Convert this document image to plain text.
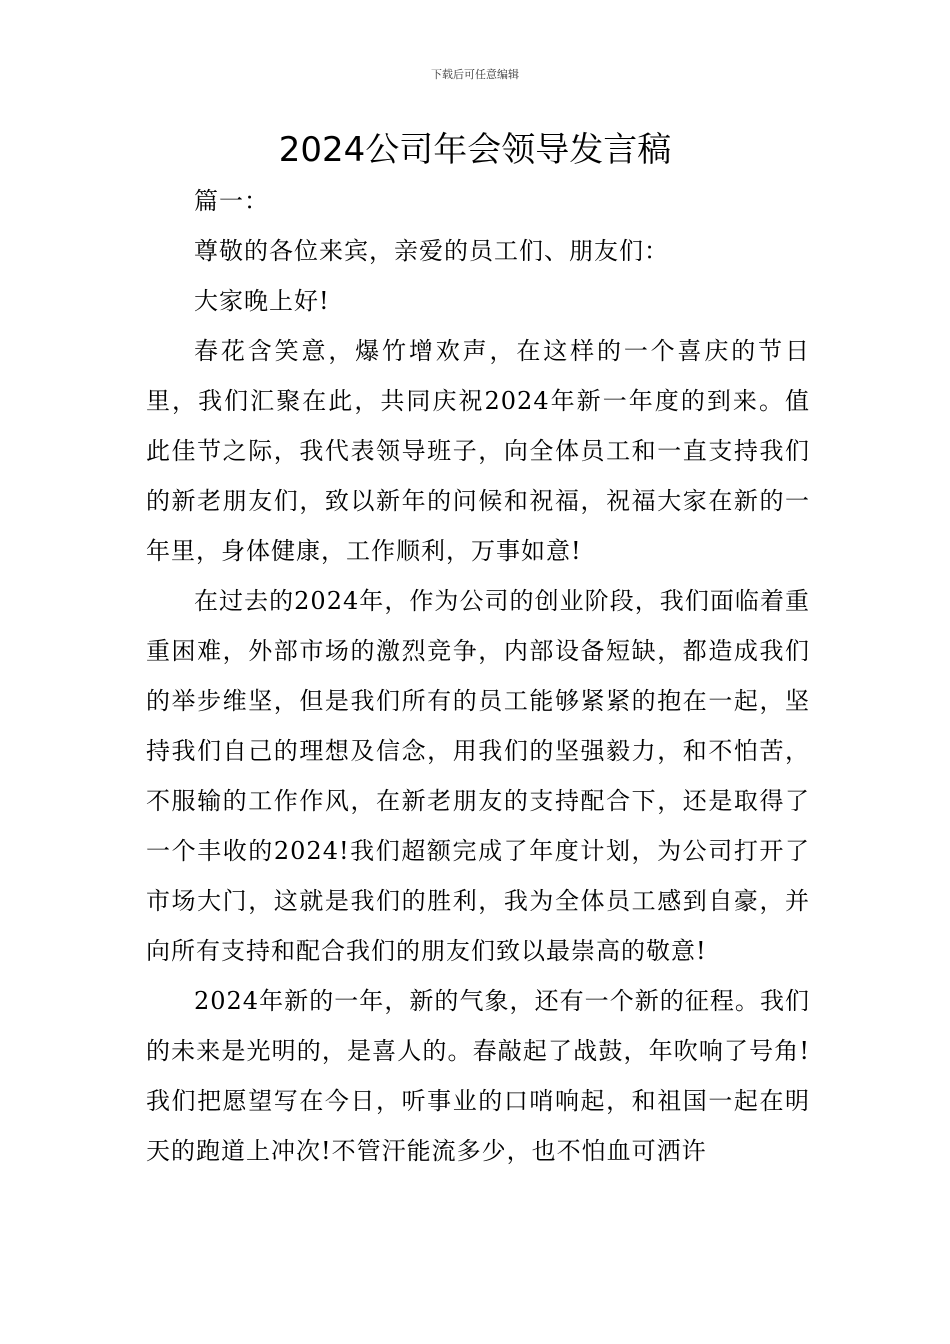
下载后可任意编辑
2024公司年会领导发言稿

篇一：

尊敬的各位来宾，亲爱的员工们、朋友们：

大家晚上好!

春花含笑意，爆竹增欢声，在这样的一个喜庆的节日里，我们汇聚在此，共同庆祝2024年新一年度的到来。值此佳节之际，我代表领导班子，向全体员工和一直支持我们的新老朋友们，致以新年的问候和祝福，祝福大家在新的一年里，身体健康，工作顺利，万事如意!

在过去的2024年，作为公司的创业阶段，我们面临着重重困难，外部市场的激烈竞争，内部设备短缺，都造成我们的举步维坚，但是我们所有的员工能够紧紧的抱在一起，坚持我们自己的理想及信念，用我们的坚强毅力，和不怕苦，不服输的工作作风，在新老朋友的支持配合下，还是取得了一个丰收的2024!我们超额完成了年度计划，为公司打开了市场大门，这就是我们的胜利，我为全体员工感到自豪，并向所有支持和配合我们的朋友们致以最崇高的敬意!

2024年新的一年，新的气象，还有一个新的征程。我们的未来是光明的，是喜人的。春敲起了战鼓，年吹响了号角!我们把愿望写在今日，听事业的口哨响起，和祖国一起在明天的跑道上冲次!不管汗能流多少，也不怕血可洒许
